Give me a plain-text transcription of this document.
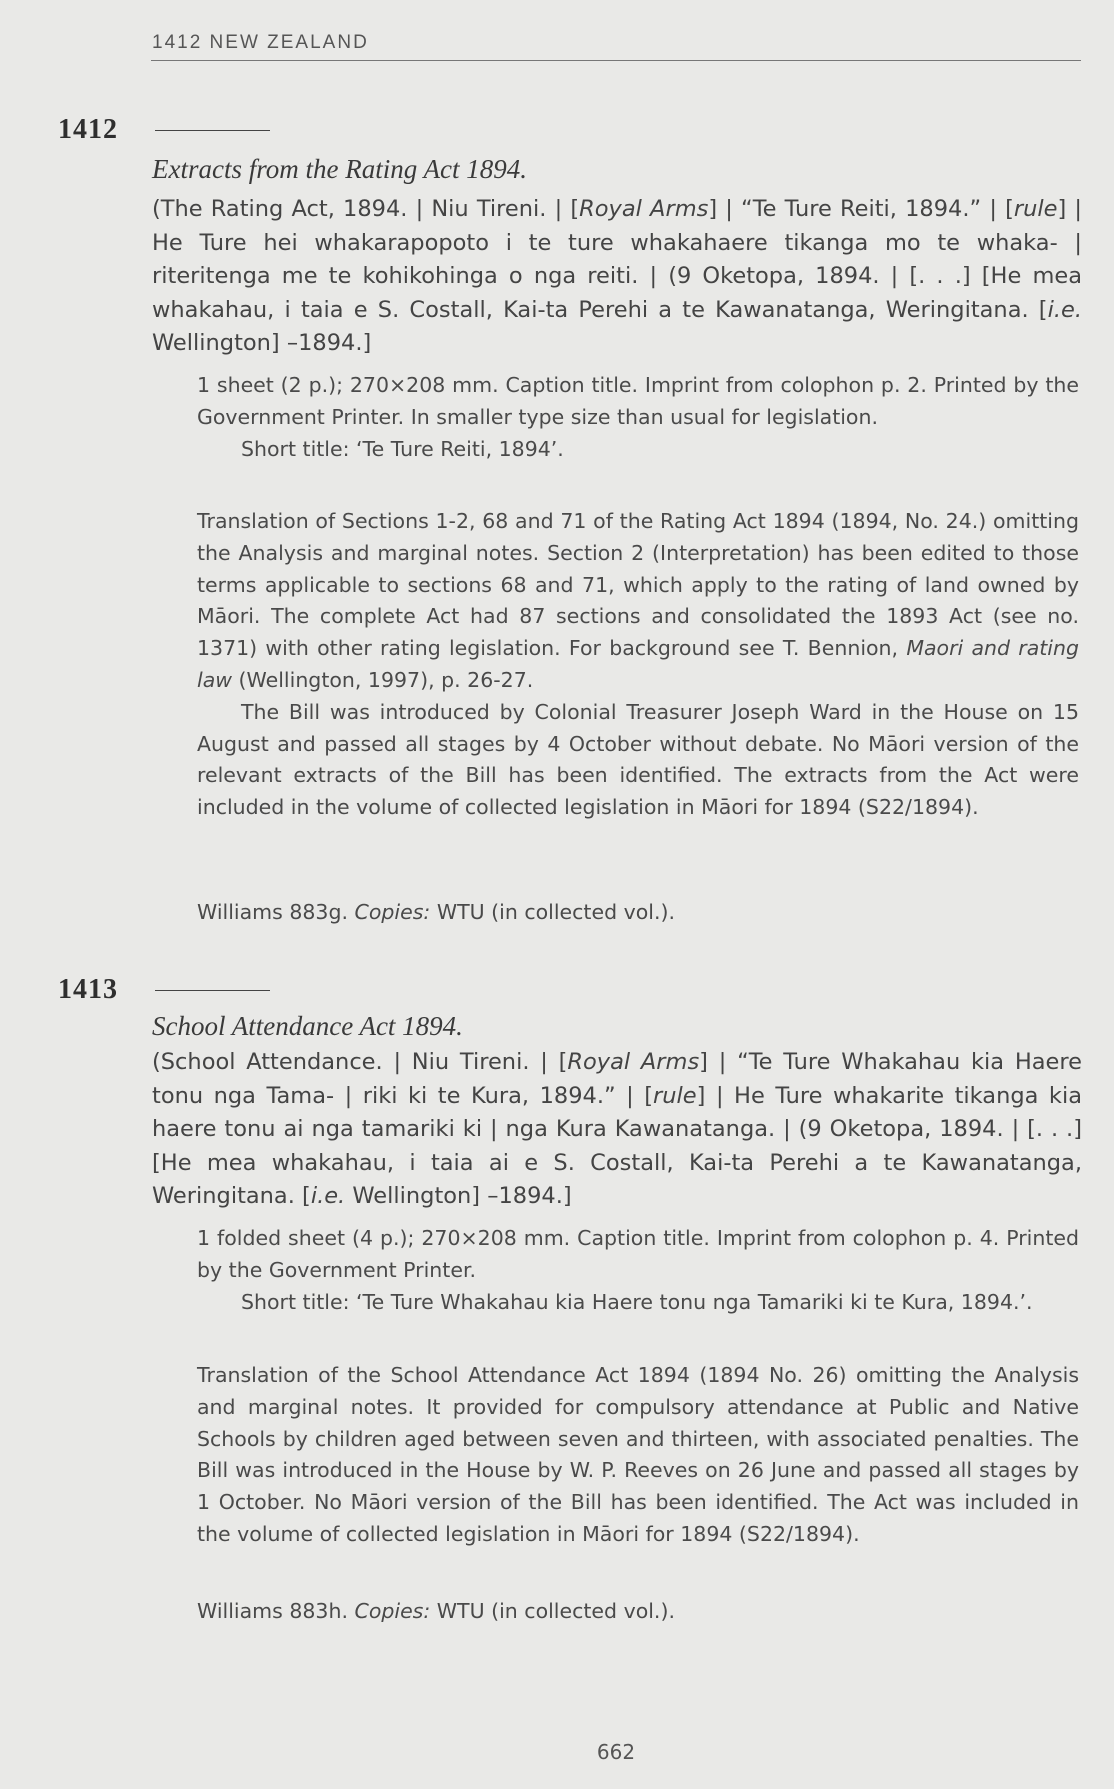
1412 NEW ZEALAND
1412
Extracts from the Rating Act 1894.
(The Rating Act, 1894. | Niu Tireni. | [Royal Arms] | “Te Ture Reiti, 1894.” | [rule] | He Ture hei whakarapopoto i te ture whakahaere tikanga mo te whaka- | riteritenga me te kohikohinga o nga reiti. | (9 Oketopa, 1894. | [. . .] [He mea whakahau, i taia e S. Costall, Kai-ta Perehi a te Kawanatanga, Weringitana. [i.e. Wellington] –1894.]

1 sheet (2 p.); 270×208 mm. Caption title. Imprint from colophon p. 2. Printed by the Government Printer. In smaller type size than usual for legislation.

Short title: ‘Te Ture Reiti, 1894’.

Translation of Sections 1-2, 68 and 71 of the Rating Act 1894 (1894, No. 24.) omitting the Analysis and marginal notes. Section 2 (Interpretation) has been edited to those terms applicable to sections 68 and 71, which apply to the rating of land owned by Māori. The complete Act had 87 sections and consolidated the 1893 Act (see no. 1371) with other rating legislation. For background see T. Bennion, Maori and rating law (Wellington, 1997), p. 26-27.

The Bill was introduced by Colonial Treasurer Joseph Ward in the House on 15 August and passed all stages by 4 October without debate. No Māori version of the relevant extracts of the Bill has been identified. The extracts from the Act were included in the volume of collected legislation in Māori for 1894 (S22/1894).

Williams 883g. Copies: WTU (in collected vol.).

1413
School Attendance Act 1894.
(School Attendance. | Niu Tireni. | [Royal Arms] | “Te Ture Whakahau kia Haere tonu nga Tama- | riki ki te Kura, 1894.” | [rule] | He Ture whakarite tikanga kia haere tonu ai nga tamariki ki | nga Kura Kawanatanga. | (9 Oketopa, 1894. | [. . .] [He mea whakahau, i taia ai e S. Costall, Kai-ta Perehi a te Kawanatanga, Weringitana. [i.e. Wellington] –1894.]

1 folded sheet (4 p.); 270×208 mm. Caption title. Imprint from colophon p. 4. Printed by the Government Printer.

Short title: ‘Te Ture Whakahau kia Haere tonu nga Tamariki ki te Kura, 1894.’.

Translation of the School Attendance Act 1894 (1894 No. 26) omitting the Analysis and marginal notes. It provided for compulsory attendance at Public and Native Schools by children aged between seven and thirteen, with associated penalties. The Bill was introduced in the House by W. P. Reeves on 26 June and passed all stages by 1 October. No Māori version of the Bill has been identified. The Act was included in the volume of collected legislation in Māori for 1894 (S22/1894).

Williams 883h. Copies: WTU (in collected vol.).

662
